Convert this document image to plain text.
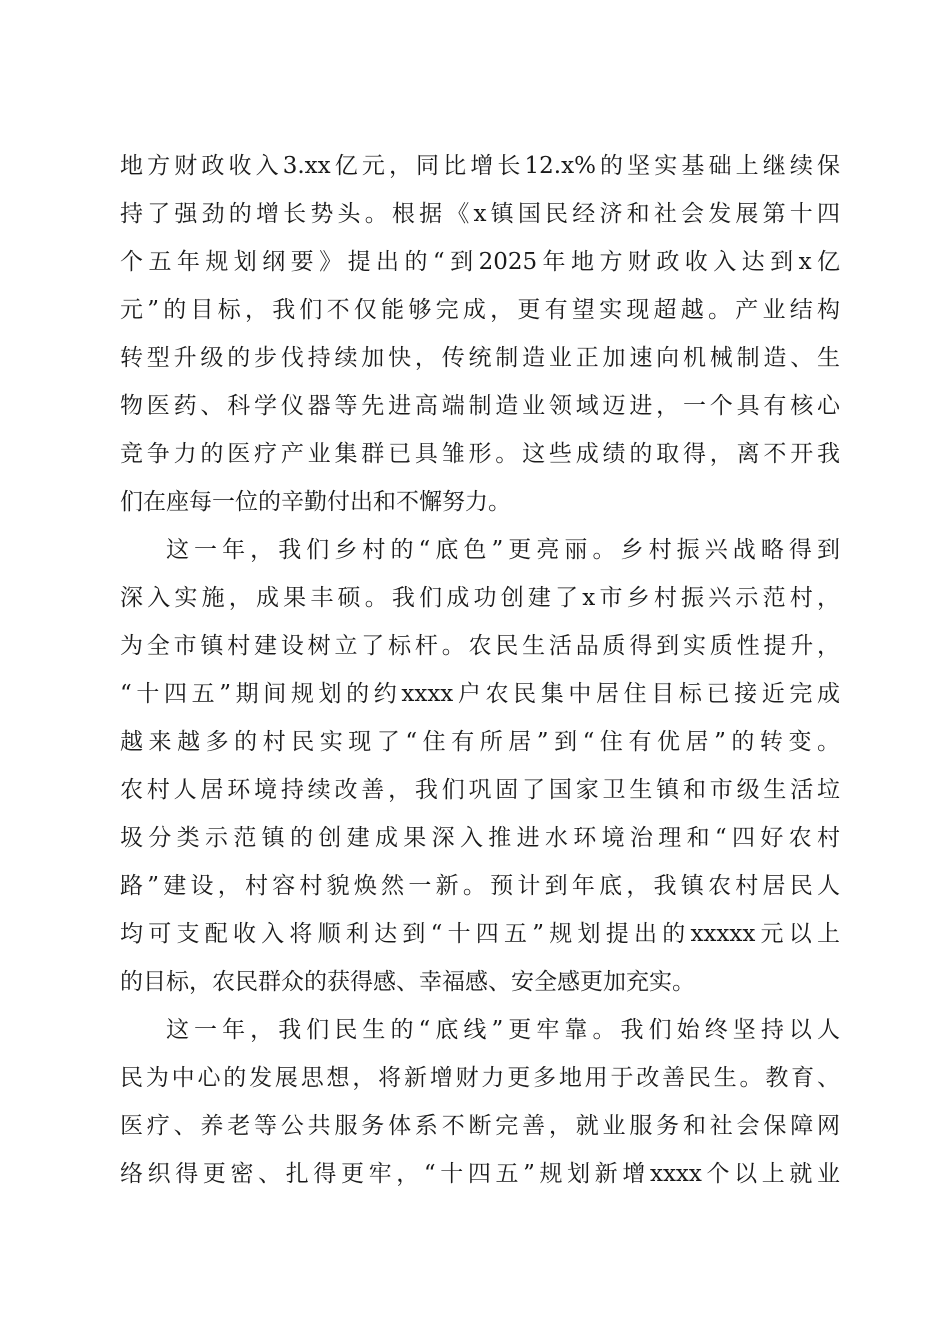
地方财政收入3.xx亿元，同比增长12.x%的坚实基础上继续保
持了强劲的增长势头。根据《x镇国民经济和社会发展第十四
个五年规划纲要》提出的“到2025年地方财政收入达到x亿
元”的目标，我们不仅能够完成，更有望实现超越。产业结构
转型升级的步伐持续加快，传统制造业正加速向机械制造、生
物医药、科学仪器等先进高端制造业领域迈进，一个具有核心
竞争力的医疗产业集群已具雏形。这些成绩的取得，离不开我
们在座每一位的辛勤付出和不懈努力。
这一年，我们乡村的“底色”更亮丽。乡村振兴战略得到
深入实施，成果丰硕。我们成功创建了x市乡村振兴示范村，
为全市镇村建设树立了标杆。农民生活品质得到实质性提升，
“十四五”期间规划的约xxxx户农民集中居住目标已接近完成
越来越多的村民实现了“住有所居”到“住有优居”的转变。
农村人居环境持续改善，我们巩固了国家卫生镇和市级生活垃
圾分类示范镇的创建成果深入推进水环境治理和“四好农村
路”建设，村容村貌焕然一新。预计到年底，我镇农村居民人
均可支配收入将顺利达到“十四五”规划提出的xxxxx元以上
的目标，农民群众的获得感、幸福感、安全感更加充实。
这一年，我们民生的“底线”更牢靠。我们始终坚持以人
民为中心的发展思想，将新增财力更多地用于改善民生。教育、
医疗、养老等公共服务体系不断完善，就业服务和社会保障网
络织得更密、扎得更牢，“十四五”规划新增xxxx个以上就业
